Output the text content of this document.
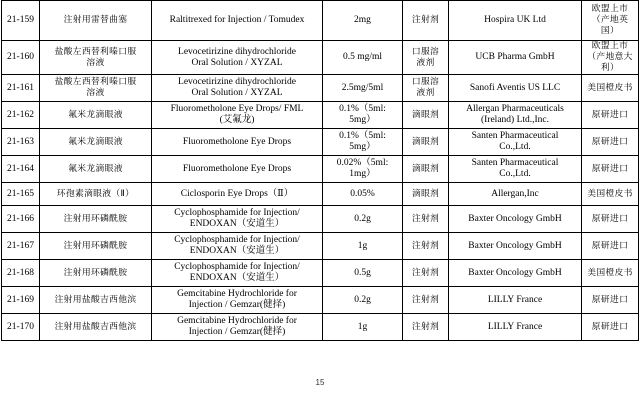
21-159	注射用雷替曲塞	Raltitrexed for Injection / Tomudex	2mg	注射剂	Hospira UK Ltd	欧盟上市
（产地英
国）
21-160	盐酸左西替利嗪口服
溶液	Levocetirizine dihydrochloride
Oral Solution / XYZAL	0.5 mg/ml	口服溶
液剂	UCB Pharma GmbH	欧盟上市
（产地意大
利）
21-161	盐酸左西替利嗪口服
溶液	Levocetirizine dihydrochloride
Oral Solution / XYZAL	2.5mg/5ml	口服溶
液剂	Sanofi Aventis US LLC	美国橙皮书
21-162	氟米龙滴眼液	Fluorometholone Eye Drops/ FML
(艾氟龙)	0.1%（5ml:
5mg）	滴眼剂	Allergan Pharmaceuticals
(Ireland) Ltd.,Inc.	原研进口
21-163	氟米龙滴眼液	Fluorometholone Eye Drops	0.1%（5ml:
5mg）	滴眼剂	Santen Pharmaceutical
Co.,Ltd.	原研进口
21-164	氟米龙滴眼液	Fluorometholone Eye Drops	0.02%（5ml:
1mg）	滴眼剂	Santen Pharmaceutical
Co.,Ltd.	原研进口
21-165	环孢素滴眼液（Ⅱ）	Ciclosporin Eye Drops（Ⅱ）	0.05%	滴眼剂	Allergan,Inc	美国橙皮书
21-166	注射用环磷酰胺	Cyclophosphamide for Injection/
ENDOXAN（安道生）	0.2g	注射剂	Baxter Oncology GmbH	原研进口
21-167	注射用环磷酰胺	Cyclophosphamide for Injection/
ENDOXAN（安道生）	1g	注射剂	Baxter Oncology GmbH	原研进口
21-168	注射用环磷酰胺	Cyclophosphamide for Injection/
ENDOXAN（安道生）	0.5g	注射剂	Baxter Oncology GmbH	美国橙皮书
21-169	注射用盐酸吉西他滨	Gemcitabine Hydrochloride for
Injection / Gemzar(健择)	0.2g	注射剂	LILLY France	原研进口
21-170	注射用盐酸吉西他滨	Gemcitabine Hydrochloride for
Injection / Gemzar(健择)	1g	注射剂	LILLY France	原研进口
15
